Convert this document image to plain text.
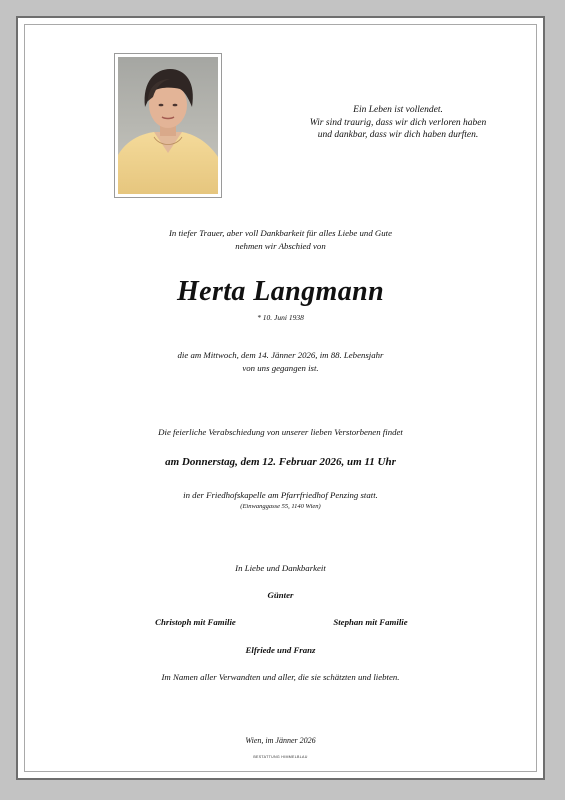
Ein Leben ist vollendet.
Wir sind traurig, dass wir dich verloren haben
und dankbar, dass wir dich haben durften.
In tiefer Trauer, aber voll Dankbarkeit für alles Liebe und Gute
nehmen wir Abschied von
Herta Langmann
* 10. Juni 1938
die am Mittwoch, dem 14. Jänner 2026, im 88. Lebensjahr
von uns gegangen ist.
Die feierliche Verabschiedung von unserer lieben Verstorbenen findet
am Donnerstag, dem 12. Februar 2026, um 11 Uhr
in der Friedhofskapelle am Pfarrfriedhof Penzing statt.
(Einwanggasse 55, 1140 Wien)
In Liebe und Dankbarkeit
Günter
Christoph mit Familie	Stephan mit Familie
Elfriede und Franz
Im Namen aller Verwandten und aller, die sie schätzten und liebten.
Wien, im Jänner 2026
BESTATTUNG HIMMELBLAU
